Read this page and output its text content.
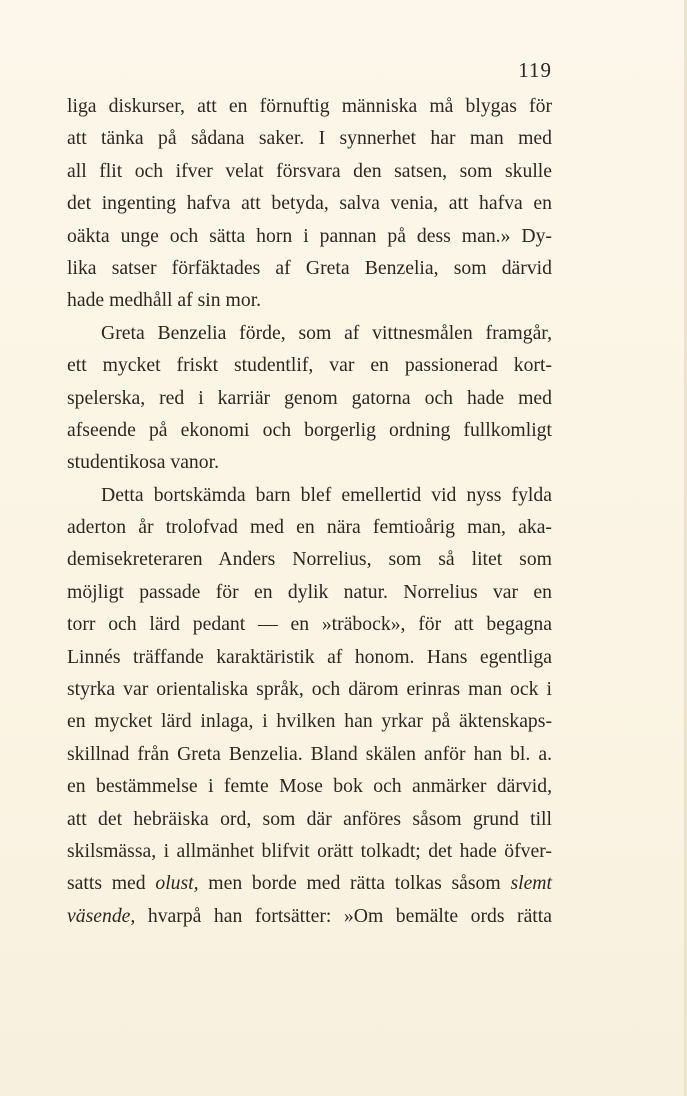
119
liga diskurser, att en förnuftig människa må blygas för
att tänka på sådana saker. I synnerhet har man med
all flit och ifver velat försvara den satsen, som skulle
det ingenting hafva att betyda, salva venia, att hafva en
oäkta unge och sätta horn i pannan på dess man.» Dy-
lika satser förfäktades af Greta Benzelia, som därvid
hade medhåll af sin mor.
Greta Benzelia förde, som af vittnesmålen framgår,
ett mycket friskt studentlif, var en passionerad kort-
spelerska, red i karriär genom gatorna och hade med
afseende på ekonomi och borgerlig ordning fullkomligt
studentikosa vanor.
Detta bortskämda barn blef emellertid vid nyss fylda
aderton år trolofvad med en nära femtioårig man, aka-
demisekreteraren Anders Norrelius, som så litet som
möjligt passade för en dylik natur. Norrelius var en
torr och lärd pedant — en »träbock», för att begagna
Linnés träffande karaktäristik af honom. Hans egentliga
styrka var orientaliska språk, och därom erinras man ock i
en mycket lärd inlaga, i hvilken han yrkar på äktenskaps-
skillnad från Greta Benzelia. Bland skälen anför han bl. a.
en bestämmelse i femte Mose bok och anmärker därvid,
att det hebräiska ord, som där anföres såsom grund till
skilsmässa, i allmänhet blifvit orätt tolkadt; det hade öfver-
satts med olust, men borde med rätta tolkas såsom slemt
väsende, hvarpå han fortsätter: »Om bemälte ords rätta
